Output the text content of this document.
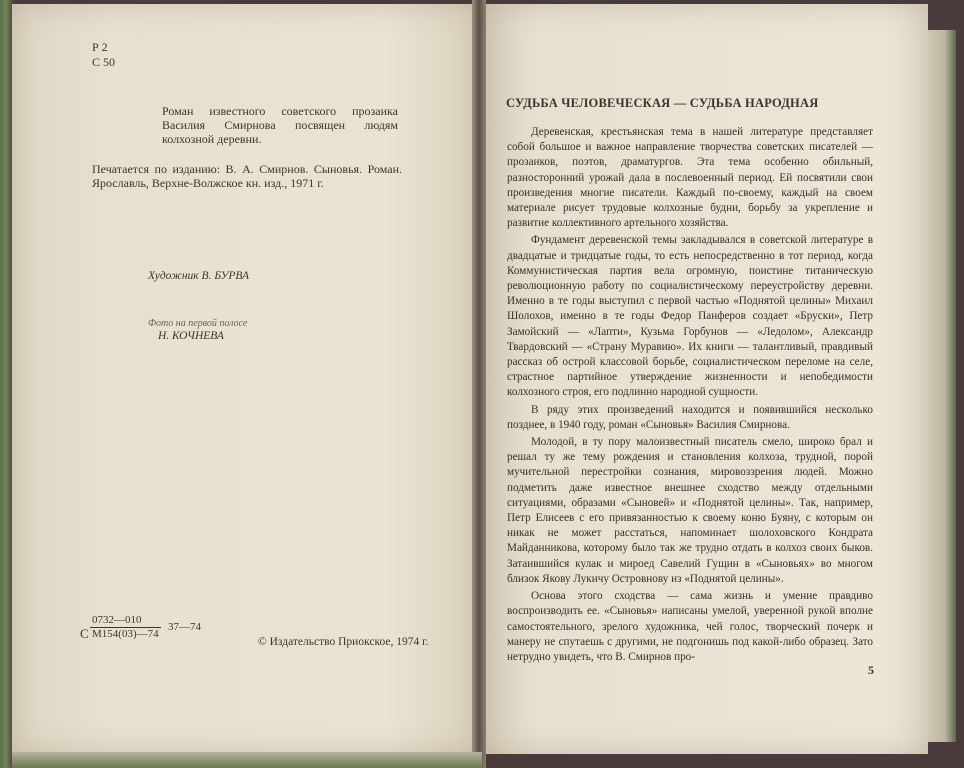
Р 2
С 50
Роман известного советского прозаика Василия Смирнова посвящен людям колхозной деревни.
Печатается по изданию: В. А. Смирнов. Сыновья. Роман. Ярославль, Верхне-Волжское кн. изд., 1971 г.
Художник В. БУРВА
Фото на первой полосе
Н. КОЧНЕВА
С
0732—010
М154(03)—74
37—74
© Издательство Приокское, 1974 г.
СУДЬБА ЧЕЛОВЕЧЕСКАЯ — СУДЬБА НАРОДНАЯ

Деревенская, крестьянская тема в нашей литературе представляет собой большое и важное направление творчества советских писателей — прозаиков, поэтов, драматургов. Эта тема особенно обильный, разносторонний урожай дала в послевоенный период. Ей посвятили свои произведения многие писатели. Каждый по-своему, каждый на своем материале рисует трудовые колхозные будни, борьбу за укрепление и развитие коллективного артельного хозяйства.

Фундамент деревенской темы закладывался в советской литературе в двадцатые и тридцатые годы, то есть непосредственно в тот период, когда Коммунистическая партия вела огромную, поистине титаническую революционную работу по социалистическому переустройству деревни. Именно в те годы выступил с первой частью «Поднятой целины» Михаил Шолохов, именно в те годы Федор Панферов создает «Бруски», Петр Замойский — «Лапти», Кузьма Горбунов — «Ледолом», Александр Твардовский — «Страну Муравию». Их книги — талантливый, правдивый рассказ об острой классовой борьбе, социалистическом переломе на селе, страстное партийное утверждение жизненности и непобедимости колхозного строя, его подлинно народной сущности.

В ряду этих произведений находится и появившийся несколько позднее, в 1940 году, роман «Сыновья» Василия Смирнова.

Молодой, в ту пору малоизвестный писатель смело, широко брал и решал ту же тему рождения и становления колхоза, трудной, порой мучительной перестройки сознания, мировоззрения людей. Можно подметить даже известное внешнее сходство между отдельными ситуациями, образами «Сыновей» и «Поднятой целины». Так, например, Петр Елисеев с его привязанностью к своему коню Буяну, с которым он никак не может расстаться, напоминает шолоховского Кондрата Майданникова, которому было так же трудно отдать в колхоз своих быков. Затаившийся кулак и мироед Савелий Гущин в «Сыновьях» во многом близок Якову Лукичу Островнову из «Поднятой целины».

Основа этого сходства — сама жизнь и умение правдиво воспроизводить ее. «Сыновья» написаны умелой, уверенной рукой вполне самостоятельного, зрелого художника, чей голос, творческий почерк и манеру не спутаешь с другими, не подгонишь под какой-либо образец. Зато нетрудно увидеть, что В. Смирнов про-

5
